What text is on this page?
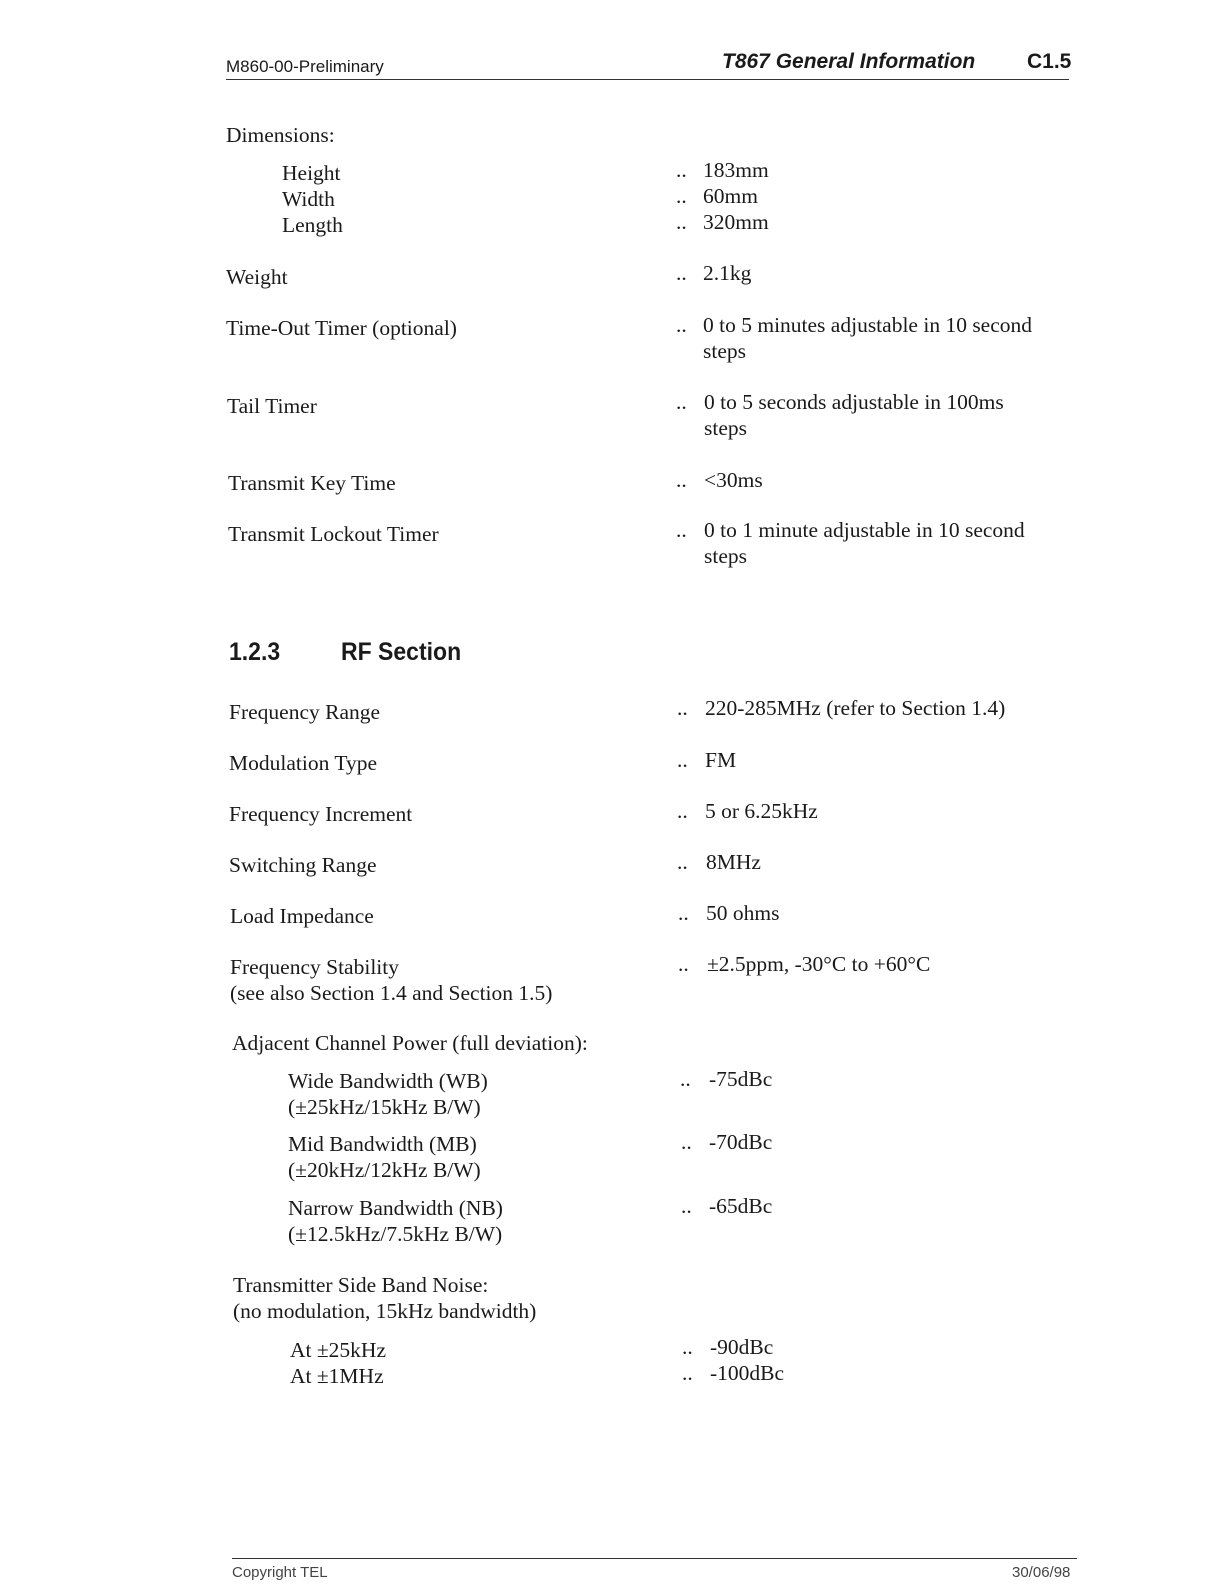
M860-00-Preliminary	T867 General Information C1.5
Dimensions:
Height	.. 183mm
Width	.. 60mm
Length	.. 320mm
Weight	.. 2.1kg
Time-Out Timer (optional)	.. 0 to 5 minutes adjustable in 10 second
steps
Tail Timer	.. 0 to 5 seconds adjustable in 100ms
steps
Transmit Key Time	.. <30ms
Transmit Lockout Timer	.. 0 to 1 minute adjustable in 10 second
steps
1.2.3 RF Section
Frequency Range	.. 220-285MHz (refer to Section 1.4)
Modulation Type	.. FM
Frequency Increment	.. 5 or 6.25kHz
Switching Range	.. 8MHz
Load Impedance	.. 50 ohms
Frequency Stability
(see also Section 1.4 and Section 1.5)
.. ±2.5ppm, -30°C to +60°C
Adjacent Channel Power (full deviation):
Wide Bandwidth (WB)
(±25kHz/15kHz B/W)
.. -75dBc
Mid Bandwidth (MB)
(±20kHz/12kHz B/W)
.. -70dBc
Narrow Bandwidth (NB)
(±12.5kHz/7.5kHz B/W)
.. -65dBc
Transmitter Side Band Noise:
(no modulation, 15kHz bandwidth)
At ±25kHz	.. -90dBc
At ±1MHz	.. -100dBc
Copyright TEL	30/06/98
